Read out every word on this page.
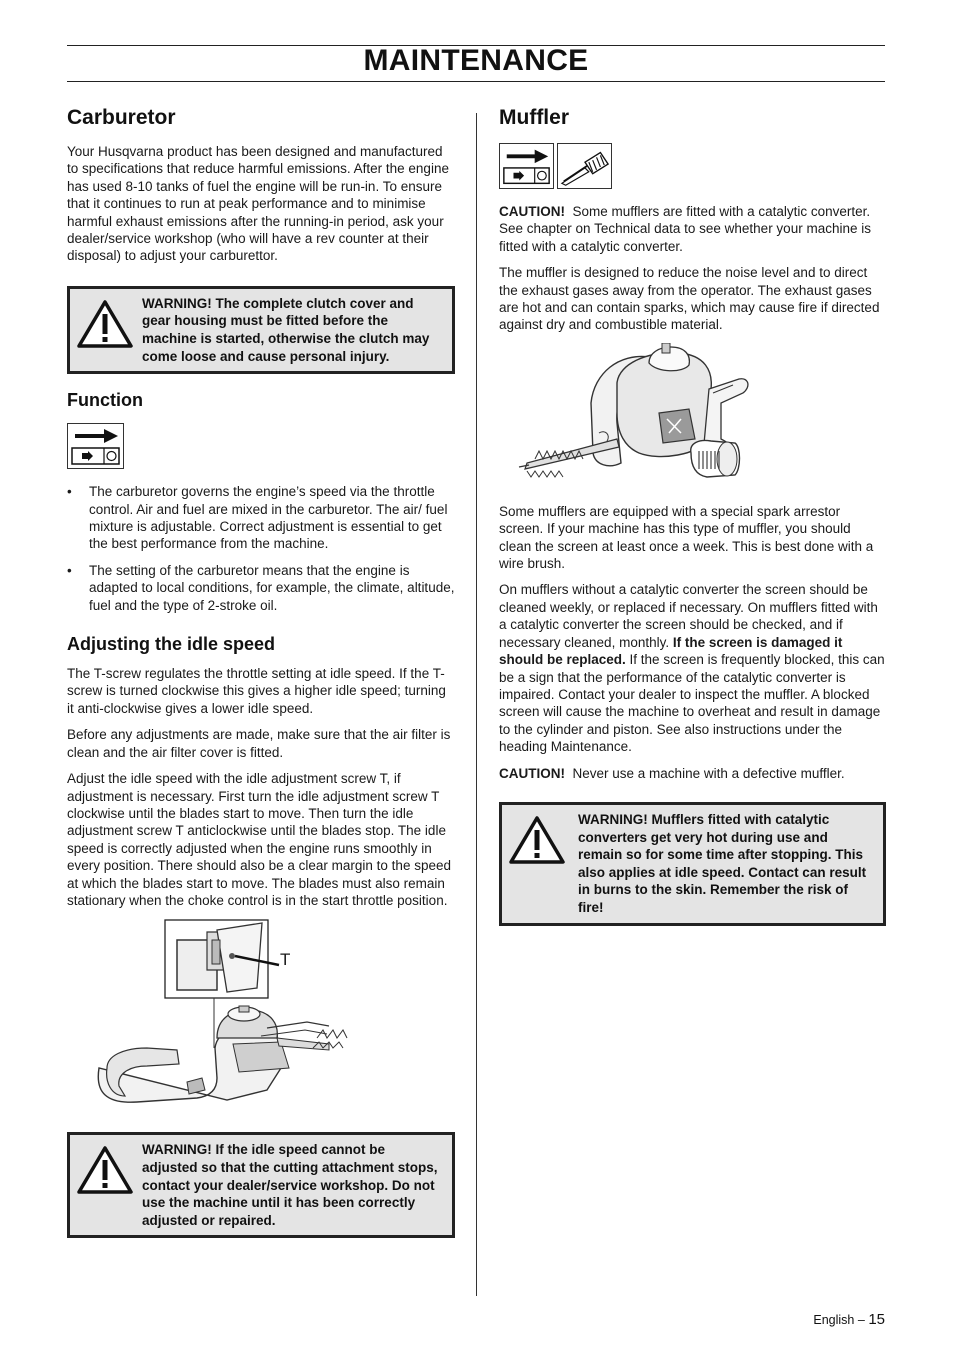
MAINTENANCE
Carburetor

Your Husqvarna product has been designed and manufactured to specifications that reduce harmful emissions. After the engine has used 8-10 tanks of fuel the engine will be run-in. To ensure that it continues to run at peak performance and to minimise harmful exhaust emissions after the running-in period, ask your dealer/service workshop (who will have a rev counter at their disposal) to adjust your carburettor.

WARNING! The complete clutch cover and gear housing must be fitted before the machine is started, otherwise the clutch may come loose and cause personal injury.
Function
• The carburetor governs the engine’s speed via the throttle control. Air and fuel are mixed in the carburetor. The air/ fuel mixture is adjustable. Correct adjustment is essential to get the best performance from the machine.
• The setting of the carburetor means that the engine is adapted to local conditions, for example, the climate, altitude, fuel and the type of 2-stroke oil.
Adjusting the idle speed

The T-screw regulates the throttle setting at idle speed. If the T-screw is turned clockwise this gives a higher idle speed; turning it anti-clockwise gives a lower idle speed.

Before any adjustments are made, make sure that the air filter is clean and the air filter cover is fitted.

Adjust the idle speed with the idle adjustment screw T, if adjustment is necessary. First turn the idle adjustment screw T clockwise until the blades start to move. Then turn the idle adjustment screw T anticlockwise until the blades stop. The idle speed is correctly adjusted when the engine runs smoothly in every position. There should also be a clear margin to the speed at which the blades start to move. The blades must also remain stationary when the choke control is in the start throttle position.

T
WARNING! If the idle speed cannot be adjusted so that the cutting attachment stops, contact your dealer/service workshop. Do not use the machine until it has been correctly adjusted or repaired.
Muffler

CAUTION! Some mufflers are fitted with a catalytic converter. See chapter on Technical data to see whether your machine is fitted with a catalytic converter.

The muffler is designed to reduce the noise level and to direct the exhaust gases away from the operator. The exhaust gases are hot and can contain sparks, which may cause fire if directed against dry and combustible material.

Some mufflers are equipped with a special spark arrestor screen. If your machine has this type of muffler, you should clean the screen at least once a week. This is best done with a wire brush.

On mufflers without a catalytic converter the screen should be cleaned weekly, or replaced if necessary. On mufflers fitted with a catalytic converter the screen should be checked, and if necessary cleaned, monthly. If the screen is damaged it should be replaced. If the screen is frequently blocked, this can be a sign that the performance of the catalytic converter is impaired. Contact your dealer to inspect the muffler. A blocked screen will cause the machine to overheat and result in damage to the cylinder and piston. See also instructions under the heading Maintenance.

CAUTION! Never use a machine with a defective muffler.

WARNING! Mufflers fitted with catalytic converters get very hot during use and remain so for some time after stopping. This also applies at idle speed. Contact can result in burns to the skin. Remember the risk of fire!
English – 15
